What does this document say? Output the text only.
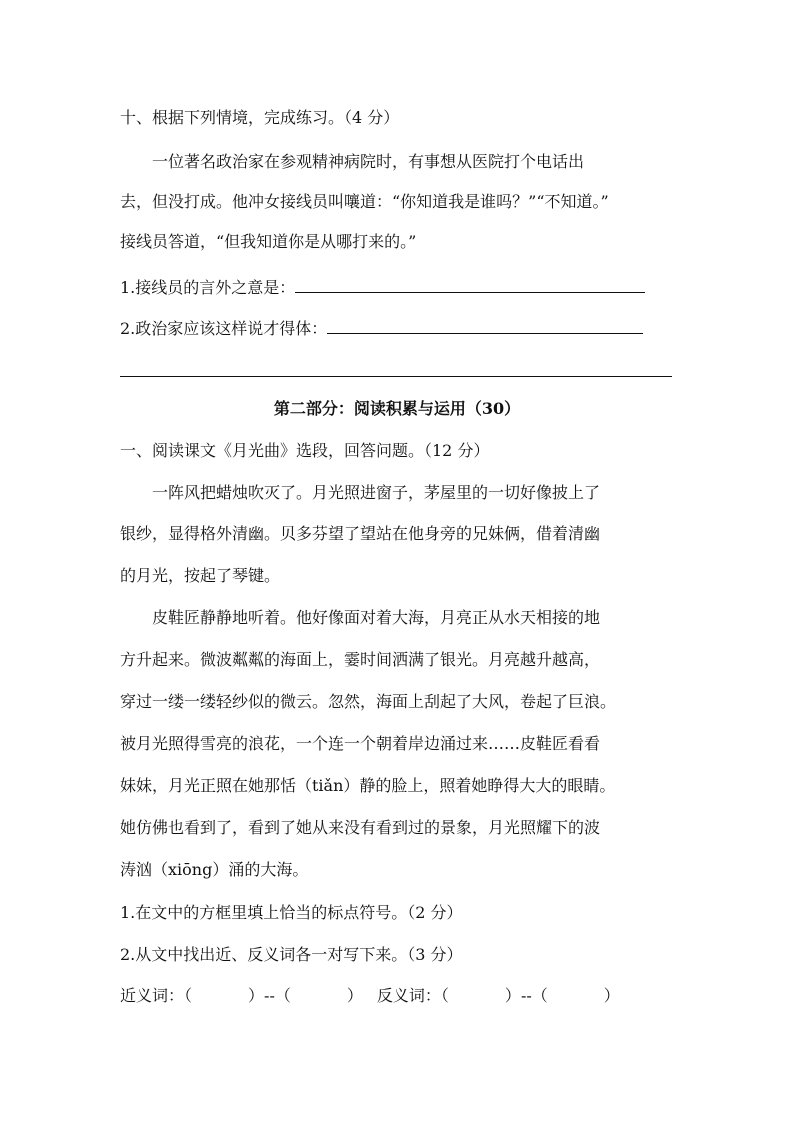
十、根据下列情境，完成练习。（4 分）

一位著名政治家在参观精神病院时，有事想从医院打个电话出

去，但没打成。他冲女接线员叫嚷道：“你知道我是谁吗？”“不知道。”

接线员答道，“但我知道你是从哪打来的。”

1.接线员的言外之意是：

2.政治家应该这样说才得体：

第二部分：阅读积累与运用（30）

一、阅读课文《月光曲》选段，回答问题。（12 分）

一阵风把蜡烛吹灭了。月光照进窗子，茅屋里的一切好像披上了

银纱，显得格外清幽。贝多芬望了望站在他身旁的兄妹俩，借着清幽

的月光，按起了琴键。

皮鞋匠静静地听着。他好像面对着大海，月亮正从水天相接的地

方升起来。微波粼粼的海面上，霎时间洒满了银光。月亮越升越高，

穿过一缕一缕轻纱似的微云。忽然，海面上刮起了大风，卷起了巨浪。

被月光照得雪亮的浪花，一个连一个朝着岸边涌过来……皮鞋匠看看

妹妹，月光正照在她那恬（tiǎn）静的脸上，照着她睁得大大的眼睛。

她仿佛也看到了，看到了她从来没有看到过的景象，月光照耀下的波

涛汹（xiōng）涌的大海。

1.在文中的方框里填上恰当的标点符号。（2 分）

2.从文中找出近、反义词各一对写下来。（3 分）

近义词：（	）--（	） 反义词：（	）--（	）
